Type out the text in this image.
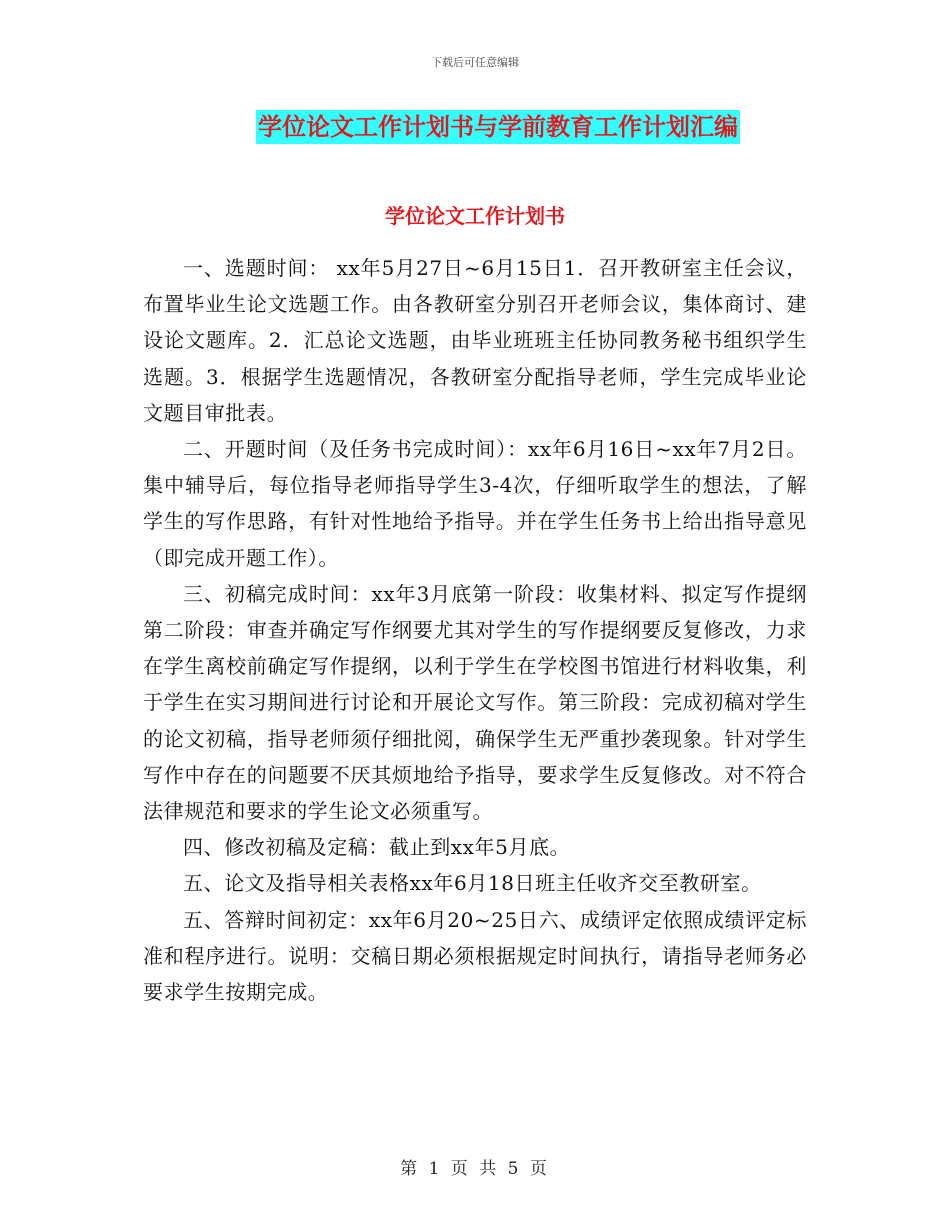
下载后可任意编辑
学位论文工作计划书与学前教育工作计划汇编
学位论文工作计划书

一、选题时间： xx年5月27日~6月15日1．召开教研室主任会议，布置毕业生论文选题工作。由各教研室分别召开老师会议，集体商讨、建设论文题库。2．汇总论文选题，由毕业班班主任协同教务秘书组织学生选题。3．根据学生选题情况，各教研室分配指导老师，学生完成毕业论文题目审批表。

二、开题时间（及任务书完成时间）：xx年6月16日~xx年7月2日。集中辅导后，每位指导老师指导学生3-4次，仔细听取学生的想法，了解学生的写作思路，有针对性地给予指导。并在学生任务书上给出指导意见（即完成开题工作）。

三、初稿完成时间：xx年3月底第一阶段：收集材料、拟定写作提纲第二阶段：审查并确定写作纲要尤其对学生的写作提纲要反复修改，力求在学生离校前确定写作提纲，以利于学生在学校图书馆进行材料收集，利于学生在实习期间进行讨论和开展论文写作。第三阶段：完成初稿对学生的论文初稿，指导老师须仔细批阅，确保学生无严重抄袭现象。针对学生写作中存在的问题要不厌其烦地给予指导，要求学生反复修改。对不符合法律规范和要求的学生论文必须重写。

四、修改初稿及定稿：截止到xx年5月底。

五、论文及指导相关表格xx年6月18日班主任收齐交至教研室。

五、答辩时间初定：xx年6月20~25日六、成绩评定依照成绩评定标准和程序进行。说明：交稿日期必须根据规定时间执行，请指导老师务必要求学生按期完成。

第 1 页 共 5 页
